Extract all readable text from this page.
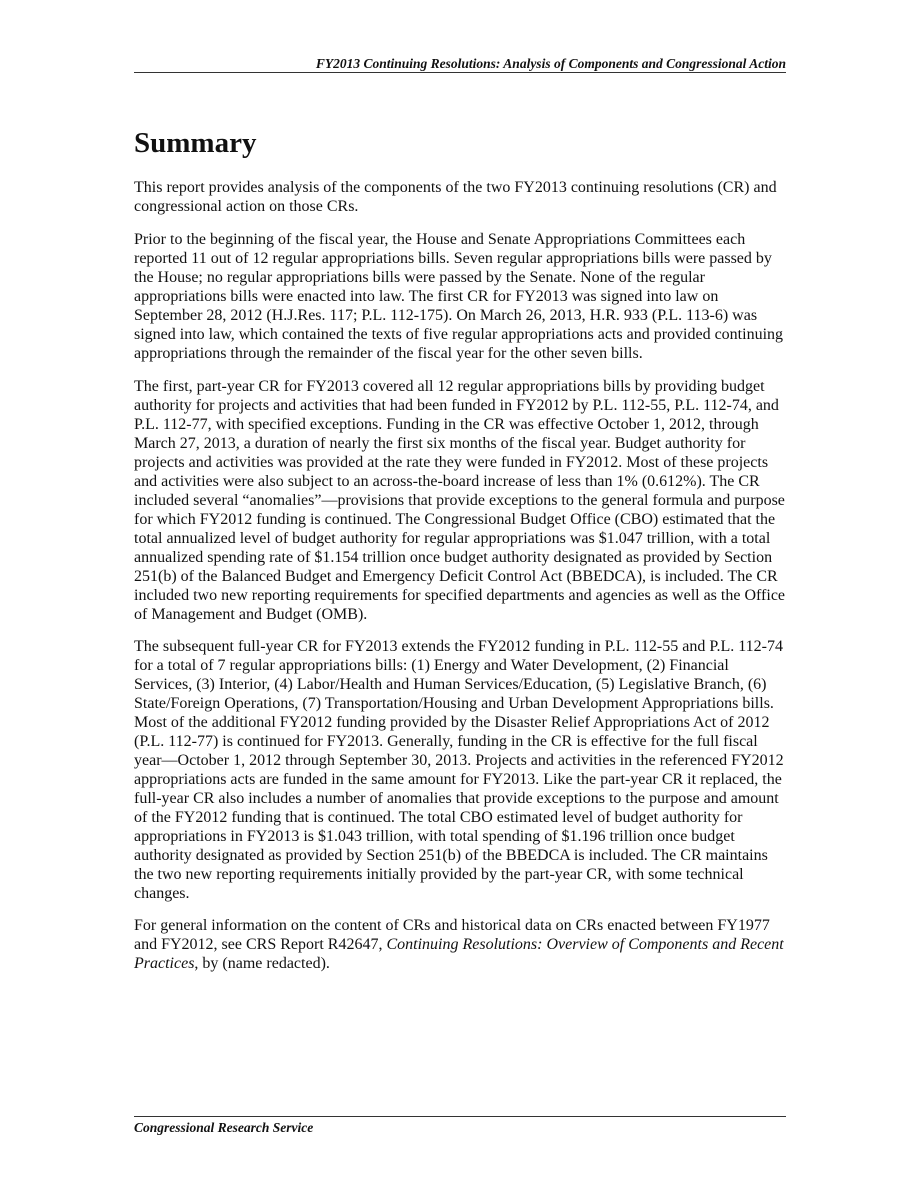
FY2013 Continuing Resolutions: Analysis of Components and Congressional Action
Summary

This report provides analysis of the components of the two FY2013 continuing resolutions (CR) and congressional action on those CRs.

Prior to the beginning of the fiscal year, the House and Senate Appropriations Committees each reported 11 out of 12 regular appropriations bills. Seven regular appropriations bills were passed by the House; no regular appropriations bills were passed by the Senate. None of the regular appropriations bills were enacted into law. The first CR for FY2013 was signed into law on September 28, 2012 (H.J.Res. 117; P.L. 112-175). On March 26, 2013, H.R. 933 (P.L. 113-6) was signed into law, which contained the texts of five regular appropriations acts and provided continuing appropriations through the remainder of the fiscal year for the other seven bills.

The first, part-year CR for FY2013 covered all 12 regular appropriations bills by providing budget authority for projects and activities that had been funded in FY2012 by P.L. 112-55, P.L. 112-74, and P.L. 112-77, with specified exceptions. Funding in the CR was effective October 1, 2012, through March 27, 2013, a duration of nearly the first six months of the fiscal year. Budget authority for projects and activities was provided at the rate they were funded in FY2012. Most of these projects and activities were also subject to an across-the-board increase of less than 1% (0.612%). The CR included several “anomalies”—provisions that provide exceptions to the general formula and purpose for which FY2012 funding is continued. The Congressional Budget Office (CBO) estimated that the total annualized level of budget authority for regular appropriations was $1.047 trillion, with a total annualized spending rate of $1.154 trillion once budget authority designated as provided by Section 251(b) of the Balanced Budget and Emergency Deficit Control Act (BBEDCA), is included. The CR included two new reporting requirements for specified departments and agencies as well as the Office of Management and Budget (OMB).

The subsequent full-year CR for FY2013 extends the FY2012 funding in P.L. 112-55 and P.L. 112-74 for a total of 7 regular appropriations bills: (1) Energy and Water Development, (2) Financial Services, (3) Interior, (4) Labor/Health and Human Services/Education, (5) Legislative Branch, (6) State/Foreign Operations, (7) Transportation/Housing and Urban Development Appropriations bills. Most of the additional FY2012 funding provided by the Disaster Relief Appropriations Act of 2012 (P.L. 112-77) is continued for FY2013. Generally, funding in the CR is effective for the full fiscal year—October 1, 2012 through September 30, 2013. Projects and activities in the referenced FY2012 appropriations acts are funded in the same amount for FY2013. Like the part-year CR it replaced, the full-year CR also includes a number of anomalies that provide exceptions to the purpose and amount of the FY2012 funding that is continued. The total CBO estimated level of budget authority for appropriations in FY2013 is $1.043 trillion, with total spending of $1.196 trillion once budget authority designated as provided by Section 251(b) of the BBEDCA is included. The CR maintains the two new reporting requirements initially provided by the part-year CR, with some technical changes.

For general information on the content of CRs and historical data on CRs enacted between FY1977 and FY2012, see CRS Report R42647, Continuing Resolutions: Overview of Components and Recent Practices, by (name redacted).

Congressional Research Service
